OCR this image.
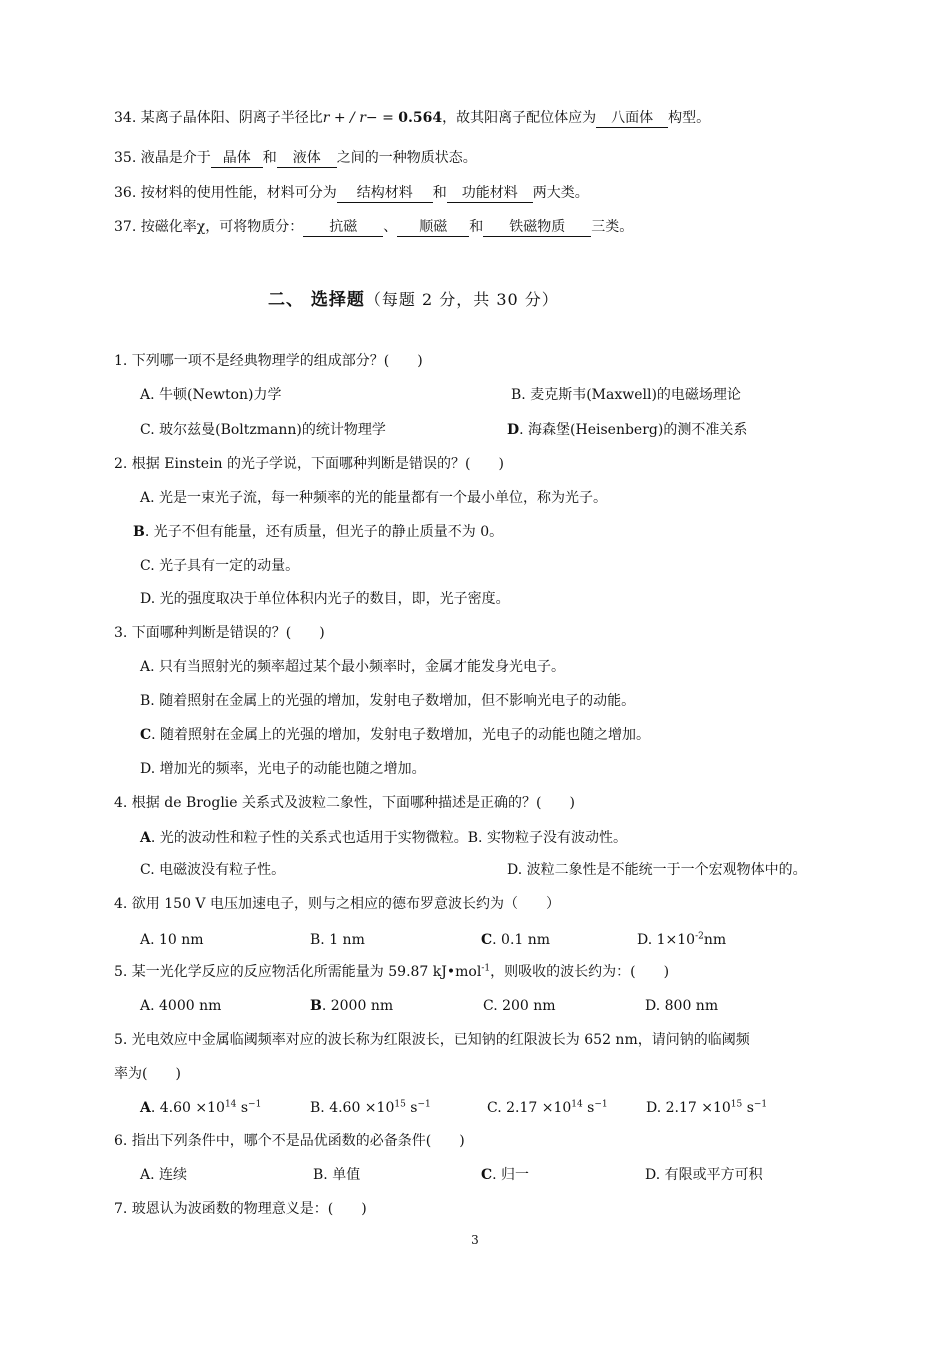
34. 某离子晶体阳、阴离子半径比r + / r− = 0.564，故其阳离子配位体应为 八面体 构型。
35. 液晶是介于 晶体 和 液体 之间的一种物质状态。
36. 按材料的使用性能，材料可分为 结构材料 和 功能材料 两大类。
37. 按磁化率χ，可将物质分： 抗磁 、 顺磁 和 铁磁物质 三类。
二、 选择题（每题 2 分，共 30 分）
1. 下列哪一项不是经典物理学的组成部分？(　　)
A. 牛顿(Newton)力学	B. 麦克斯韦(Maxwell)的电磁场理论
C. 玻尔兹曼(Boltzmann)的统计物理学	D. 海森堡(Heisenberg)的测不准关系
2. 根据 Einstein 的光子学说，下面哪种判断是错误的？(　　)
A. 光是一束光子流，每一种频率的光的能量都有一个最小单位，称为光子。
B. 光子不但有能量，还有质量，但光子的静止质量不为 0。
C. 光子具有一定的动量。
D. 光的强度取决于单位体积内光子的数目，即，光子密度。
3. 下面哪种判断是错误的？(　　)
A. 只有当照射光的频率超过某个最小频率时，金属才能发身光电子。
B. 随着照射在金属上的光强的增加，发射电子数增加，但不影响光电子的动能。
C. 随着照射在金属上的光强的增加，发射电子数增加，光电子的动能也随之增加。
D. 增加光的频率，光电子的动能也随之增加。
4. 根据 de Broglie 关系式及波粒二象性，下面哪种描述是正确的？(　　)
A. 光的波动性和粒子性的关系式也适用于实物微粒。B. 实物粒子没有波动性。
C. 电磁波没有粒子性。	D. 波粒二象性是不能统一于一个宏观物体中的。
4. 欲用 150 V 电压加速电子，则与之相应的德布罗意波长约为（　　）
A. 10 nm	B. 1 nm	C. 0.1 nm	D. $1\times 10^{-2}nm$
5. 某一光化学反应的反应物活化所需能量为 59.87 kJ•mol$^{-1}$，则吸收的波长约为：(　　)
A. 4000 nm	B. 2000 nm	C. 200 nm	D. 800 nm
5. 光电效应中金属临阈频率对应的波长称为红限波长，已知钠的红限波长为 652 nm，请问钠的临阈频
率为(　　)
A. $4.60 \times 10^{14}$ $s^{-1}$	B. $4.60 \times 10^{15}$ $s^{-1}$	C. $2.17 \times 10^{14}$ $s^{-1}$	D. $2.17 \times 10^{15}$ $s^{-1}$
6. 指出下列条件中，哪个不是品优函数的必备条件(　　)
A. 连续	B. 单值	C. 归一	D. 有限或平方可积
7. 玻恩认为波函数的物理意义是：(　　)
3
